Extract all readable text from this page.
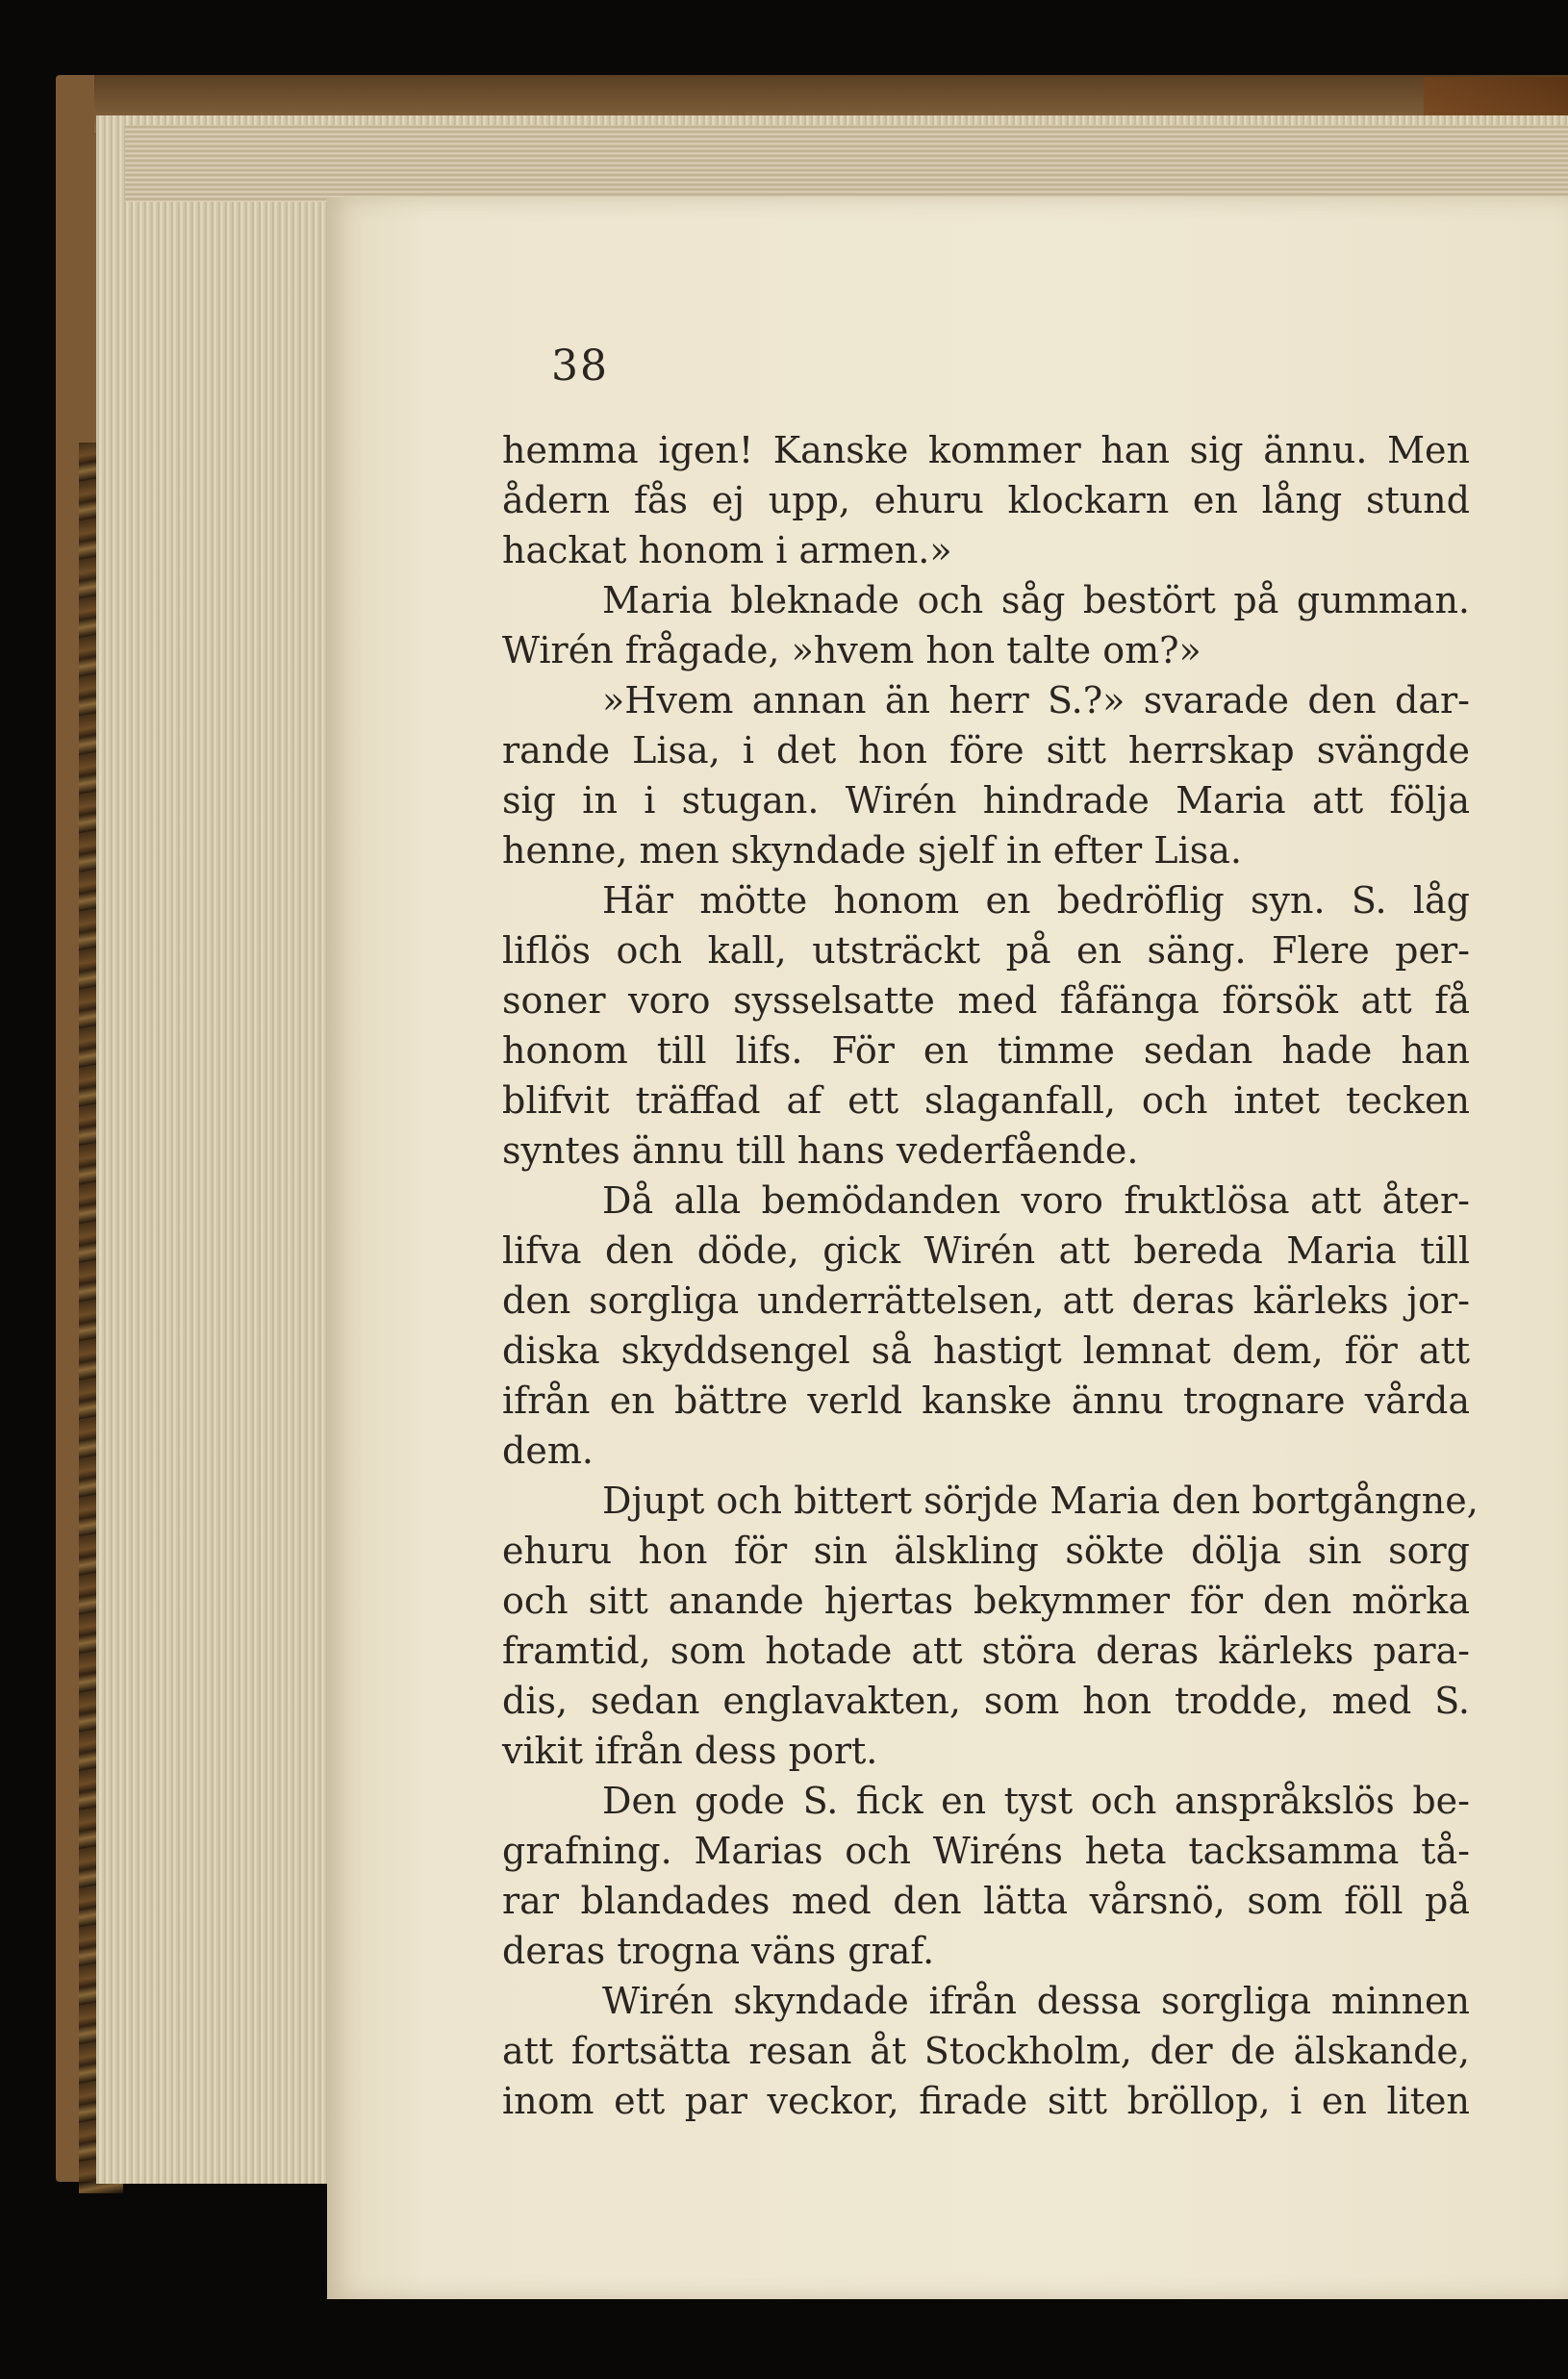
38
hemma igen! Kanske kommer han sig ännu. Men
ådern fås ej upp, ehuru klockarn en lång stund
hackat honom i armen.»
Maria bleknade och såg bestört på gumman.
Wirén frågade, »hvem hon talte om?»
»Hvem annan än herr S.?» svarade den dar-
rande Lisa, i det hon före sitt herrskap svängde
sig in i stugan. Wirén hindrade Maria att följa
henne, men skyndade sjelf in efter Lisa.
Här mötte honom en bedröflig syn. S. låg
liflös och kall, utsträckt på en säng. Flere per-
soner voro sysselsatte med fåfänga försök att få
honom till lifs. För en timme sedan hade han
blifvit träffad af ett slaganfall, och intet tecken
syntes ännu till hans vederfående.
Då alla bemödanden voro fruktlösa att åter-
lifva den döde, gick Wirén att bereda Maria till
den sorgliga underrättelsen, att deras kärleks jor-
diska skyddsengel så hastigt lemnat dem, för att
ifrån en bättre verld kanske ännu trognare vårda
dem.
Djupt och bittert sörjde Maria den bortgångne,
ehuru hon för sin älskling sökte dölja sin sorg
och sitt anande hjertas bekymmer för den mörka
framtid, som hotade att störa deras kärleks para-
dis, sedan englavakten, som hon trodde, med S.
vikit ifrån dess port.
Den gode S. fick en tyst och anspråkslös be-
grafning. Marias och Wiréns heta tacksamma tå-
rar blandades med den lätta vårsnö, som föll på
deras trogna väns graf.
Wirén skyndade ifrån dessa sorgliga minnen
att fortsätta resan åt Stockholm, der de älskande,
inom ett par veckor, firade sitt bröllop, i en liten
